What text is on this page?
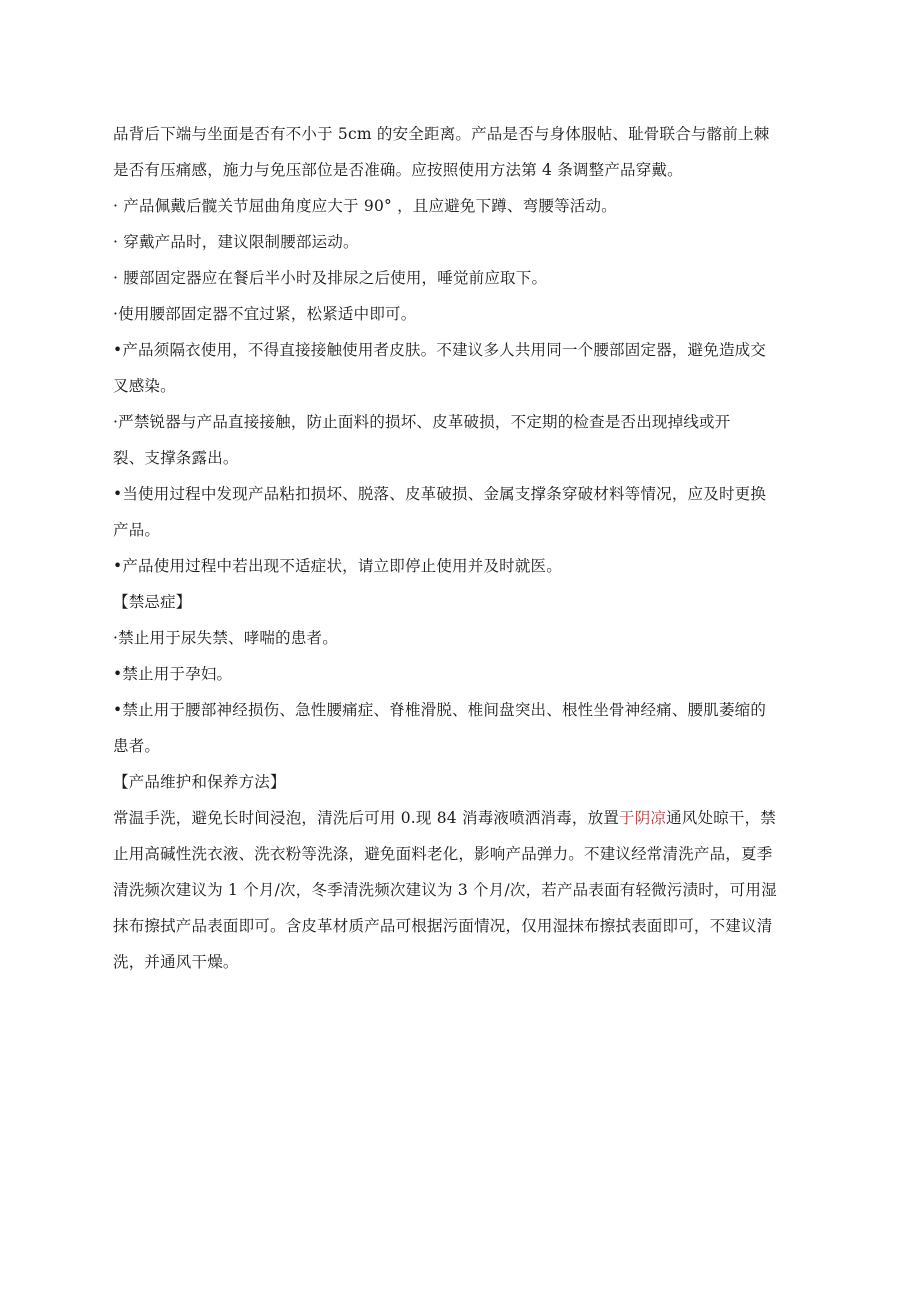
品背后下端与坐面是否有不小于 5cm 的安全距离。产品是否与身体服帖、耻骨联合与髂前上棘
是否有压痛感，施力与免压部位是否准确。应按照使用方法第 4 条调整产品穿戴。
· 产品佩戴后髋关节屈曲角度应大于 90° ，且应避免下蹲、弯腰等活动。
· 穿戴产品时，建议限制腰部运动。
· 腰部固定器应在餐后半小时及排尿之后使用，唾觉前应取下。
·使用腰部固定器不宜过紧，松紧适中即可。
•产品须隔衣使用，不得直接接触使用者皮肤。不建议多人共用同一个腰部固定器，避免造成交
叉感染。
·严禁锐器与产品直接接触，防止面料的损坏、皮革破损，不定期的检查是否出现掉线或开
裂、支撑条露出。
•当使用过程中发现产品粘扣损坏、脱落、皮革破损、金属支撑条穿破材料等情况，应及时更换
产品。
•产品使用过程中若出现不适症状，请立即停止使用并及时就医。
【禁忌症】
·禁止用于尿失禁、哮喘的患者。
•禁止用于孕妇。
•禁止用于腰部神经损伤、急性腰痛症、脊椎滑脱、椎间盘突出、根性坐骨神经痛、腰肌萎缩的
患者。
【产品维护和保养方法】
常温手洗，避免长时间浸泡，清洗后可用 0.现 84 消毒液喷洒消毒，放置于阴凉通风处晾干，禁
止用高碱性洗衣液、洗衣粉等洗涤，避免面料老化，影响产品弹力。不建议经常清洗产品，夏季
清洗频次建议为 1 个月/次，冬季清洗频次建议为 3 个月/次，若产品表面有轻微污渍时，可用湿
抹布擦拭产品表面即可。含皮革材质产品可根据污面情况，仅用湿抹布擦拭表面即可，不建议清
洗，并通风干燥。
